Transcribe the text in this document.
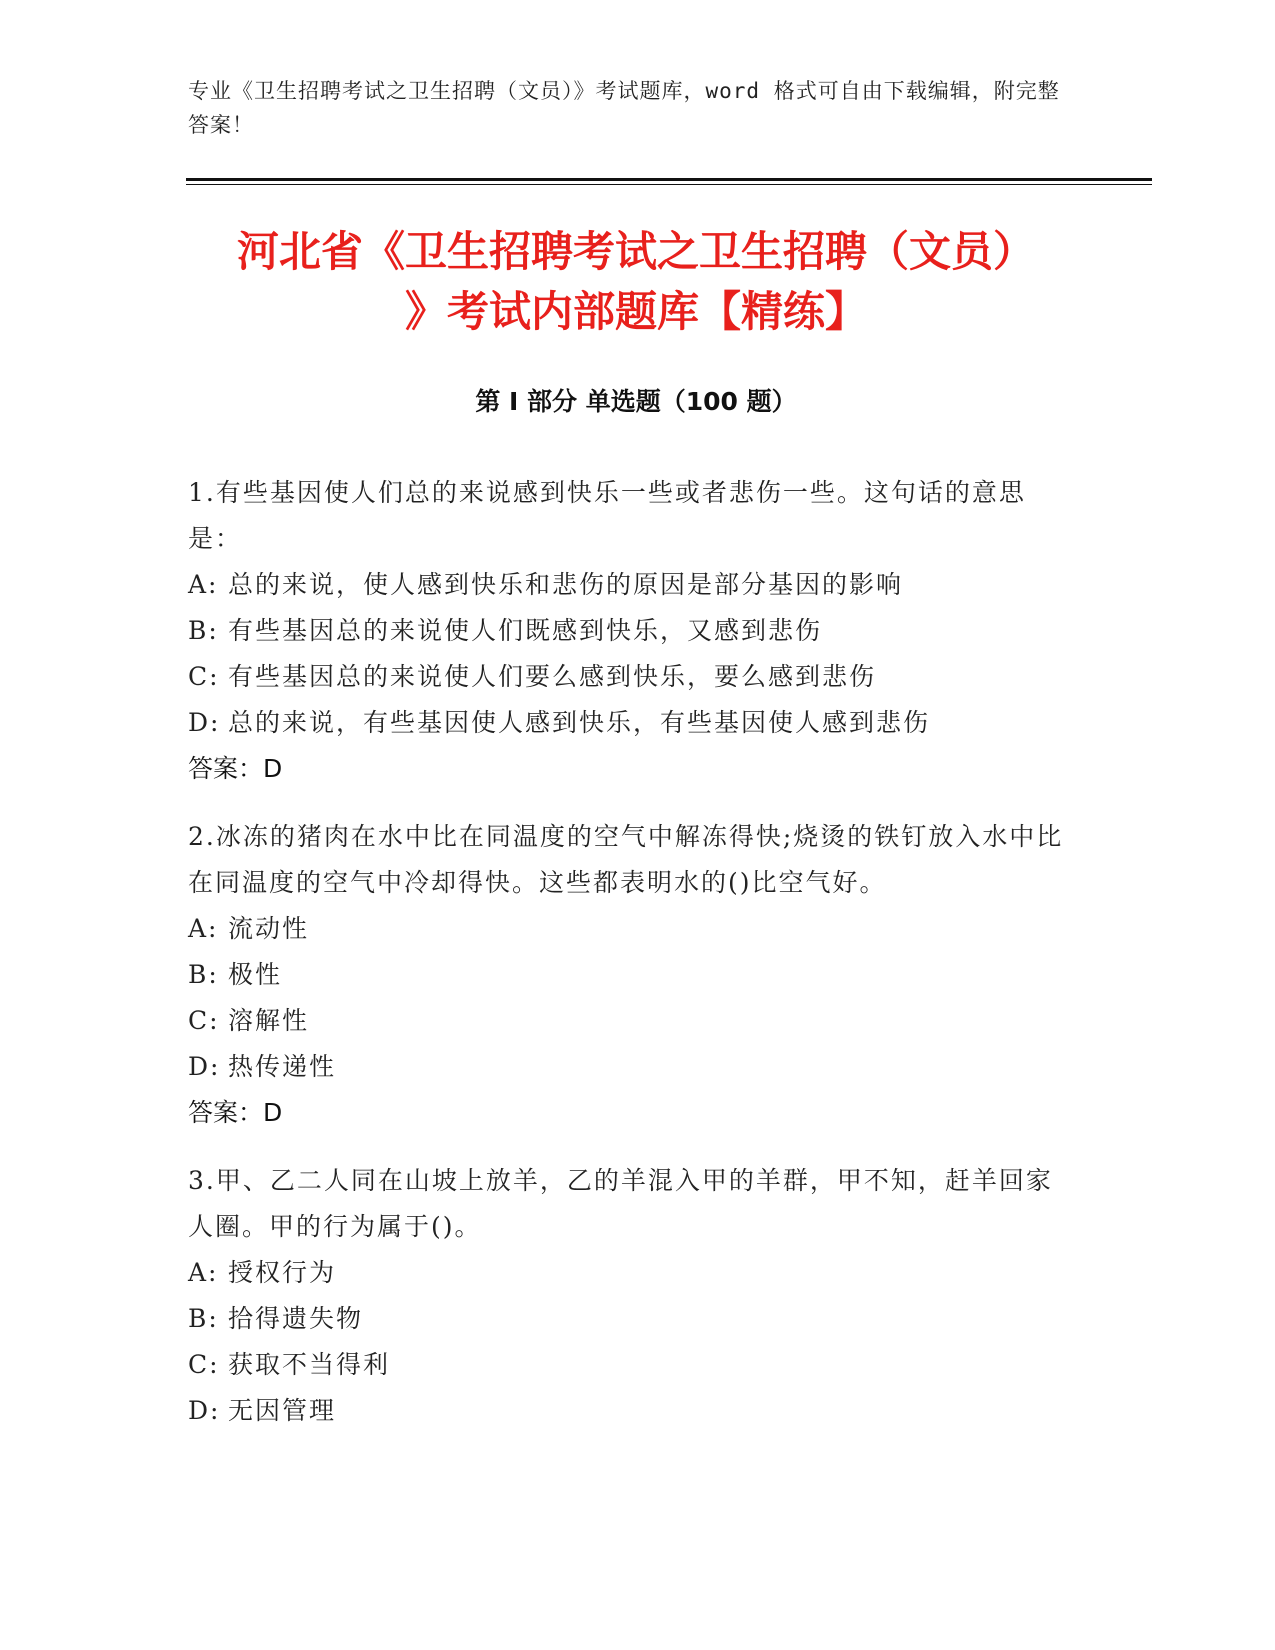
专业《卫生招聘考试之卫生招聘（文员）》考试题库，word 格式可自由下载编辑，附完整答案！
河北省《卫生招聘考试之卫生招聘（文员）
》考试内部题库【精练】
第 I 部分 单选题（100 题）
1.有些基因使人们总的来说感到快乐一些或者悲伤一些。这句话的意思是：
A: 总的来说，使人感到快乐和悲伤的原因是部分基因的影响
B: 有些基因总的来说使人们既感到快乐，又感到悲伤
C: 有些基因总的来说使人们要么感到快乐，要么感到悲伤
D: 总的来说，有些基因使人感到快乐，有些基因使人感到悲伤
答案：D
2.冰冻的猪肉在水中比在同温度的空气中解冻得快;烧烫的铁钉放入水中比在同温度的空气中冷却得快。这些都表明水的()比空气好。
A: 流动性
B: 极性
C: 溶解性
D: 热传递性
答案：D
3.甲、乙二人同在山坡上放羊，乙的羊混入甲的羊群，甲不知，赶羊回家人圈。甲的行为属于()。
A: 授权行为
B: 拾得遗失物
C: 获取不当得利
D: 无因管理
